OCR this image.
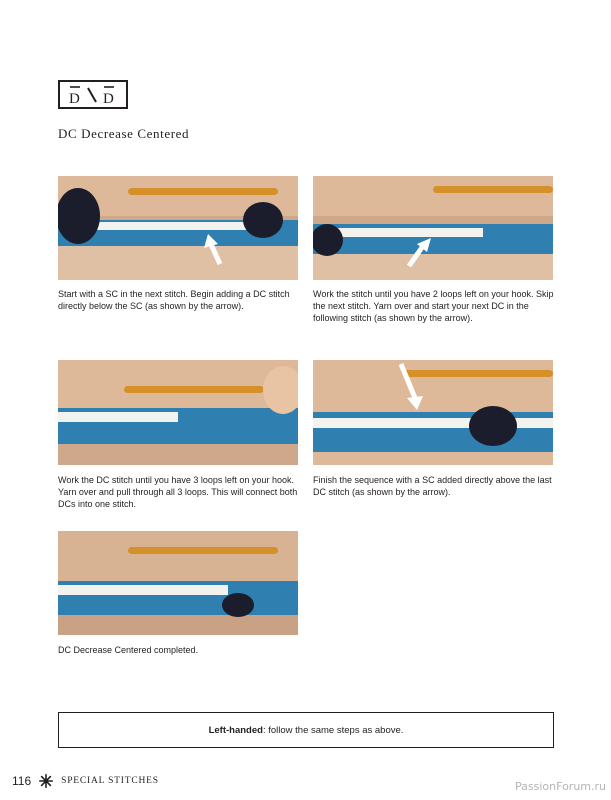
D D
DC Decrease Centered
Start with a SC in the next stitch. Begin adding a DC stitch directly below the SC (as shown by the arrow).
Work the stitch until you have 2 loops left on your hook. Skip the next stitch. Yarn over and start your next DC in the following stitch (as shown by the arrow).
Work the DC stitch until you have 3 loops left on your hook. Yarn over and pull through all 3 loops. This will connect both DCs into one stitch.
Finish the sequence with a SC added directly above the last DC stitch (as shown by the arrow).
DC Decrease Centered completed.
Left-handed : follow the same steps as above.
116	SPECIAL STITCHES	PassionForum.ru
